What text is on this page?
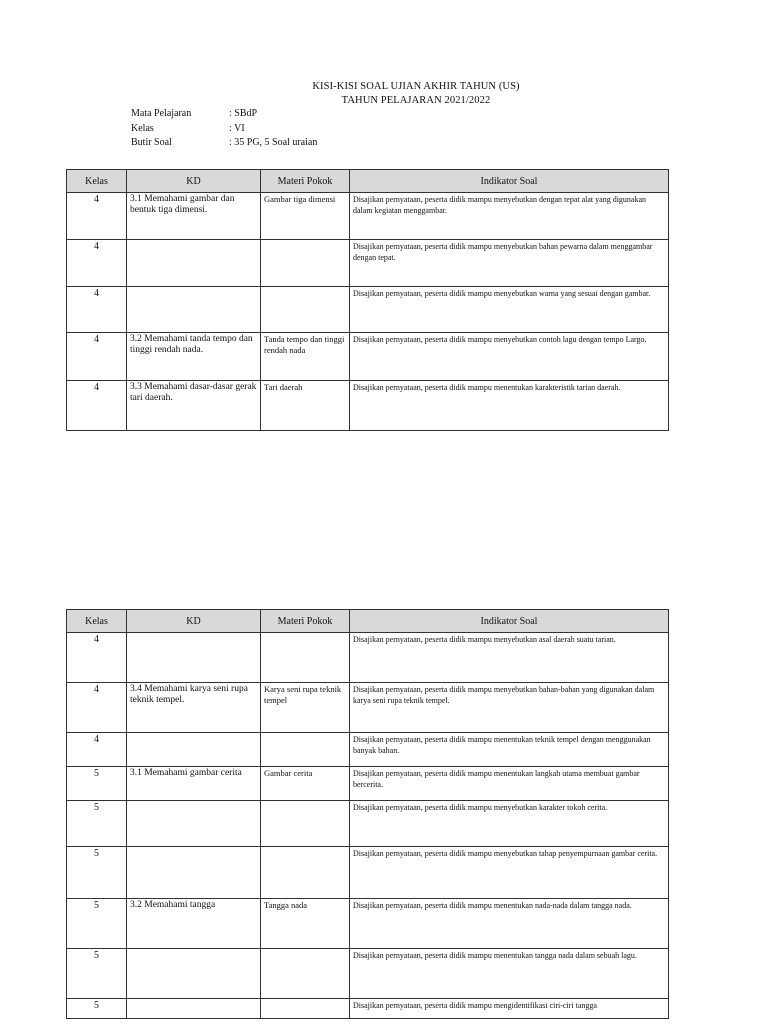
KISI-KISI SOAL UJIAN AKHIR TAHUN (US)
TAHUN PELAJARAN 2021/2022
Mata Pelajaran	: SBdP
Kelas	: VI
Butir Soal	: 35 PG, 5 Soal uraian
Kelas	KD	Materi Pokok	Indikator Soal
4	3.1 Memahami gambar dan bentuk tiga dimensi.	Gambar tiga dimensi	Disajikan pernyataan, peserta didik mampu menyebutkan dengan tepat alat yang digunakan dalam kegiatan menggambar.
4			Disajikan pernyataan, peserta didik mampu menyebutkan bahan pewarna dalam menggambar dengan tepat.
4			Disajikan pernyataan, peserta didik mampu menyebutkan warna yang sesuai dengan gambar.
4	3.2 Memahami tanda tempo dan tinggi rendah nada.	Tanda tempo dan tinggi rendah nada	Disajikan pernyataan, peserta didik mampu menyebutkan contoh lagu dengan tempo Largo.
4	3.3 Memahami dasar-dasar gerak tari daerah.	Tari daerah	Disajikan pernyataan, peserta didik mampu menentukan karakteristik tarian daerah.
Kelas	KD	Materi Pokok	Indikator Soal
4			Disajikan pernyataan, peserta didik mampu menyebutkan asal daerah suatu tarian.
4	3.4 Memahami karya seni rupa teknik tempel.	Karya seni rupa teknik tempel	Disajikan pernyataan, peserta didik mampu menyebutkan bahan-bahan yang digunakan dalam karya seni rupa teknik tempel.
4			Disajikan pernyataan, peserta didik mampu menentukan teknik tempel dengan menggunakan banyak bahan.
5	3.1 Memahami gambar cerita	Gambar cerita	Disajikan pernyataan, peserta didik mampu menentukan langkah utama membuat gambar bercerita.
5			Disajikan pernyataan, peserta didik mampu menyebutkan karakter tokoh cerita.
5			Disajikan pernyataan, peserta didik mampu menyebutkan tahap penyempurnaan gambar cerita.
5	3.2 Memahami tangga	Tangga nada	Disajikan pernyataan, peserta didik mampu menentukan nada-nada dalam tangga nada.
5			Disajikan pernyataan, peserta didik mampu menentukan tangga nada dalam sebuah lagu.
5			Disajikan pernyataan, peserta didik mampu mengidentifikasi ciri-ciri tangga
